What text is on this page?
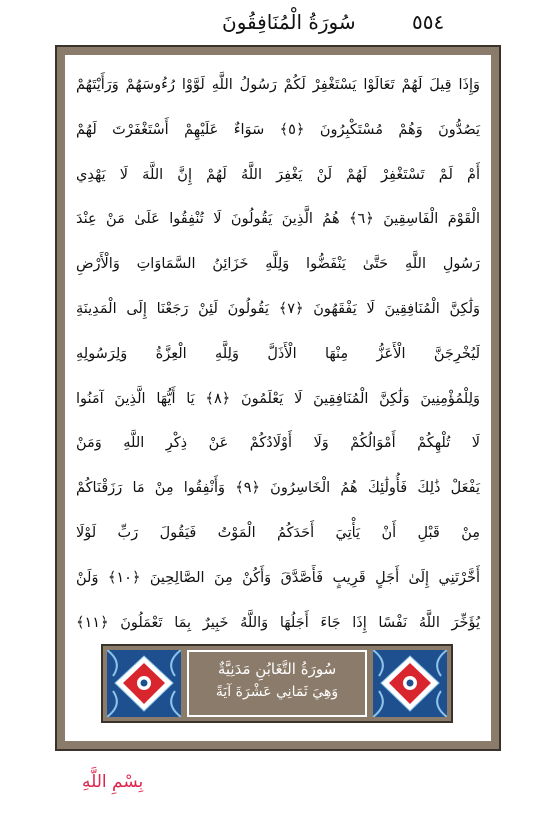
سُورَةُ الْمُنَافِقُونَ	٥٥٤
وَإِذَا قِيلَ لَهُمْ تَعَالَوْا يَسْتَغْفِرْ لَكُمْ رَسُولُ اللَّهِ لَوَّوْا رُءُوسَهُمْ وَرَأَيْتَهُمْ
يَصُدُّونَ وَهُمْ مُسْتَكْبِرُونَ ﴿٥﴾ سَوَاءٌ عَلَيْهِمْ أَسْتَغْفَرْتَ لَهُمْ
أَمْ لَمْ تَسْتَغْفِرْ لَهُمْ لَنْ يَغْفِرَ اللَّهُ لَهُمْ إِنَّ اللَّهَ لَا يَهْدِي
الْقَوْمَ الْفَاسِقِينَ ﴿٦﴾ هُمُ الَّذِينَ يَقُولُونَ لَا تُنْفِقُوا عَلَىٰ مَنْ عِنْدَ
رَسُولِ اللَّهِ حَتَّىٰ يَنْفَضُّوا وَلِلَّهِ خَزَائِنُ السَّمَاوَاتِ وَالْأَرْضِ
وَلَٰكِنَّ الْمُنَافِقِينَ لَا يَفْقَهُونَ ﴿٧﴾ يَقُولُونَ لَئِنْ رَجَعْنَا إِلَى الْمَدِينَةِ
لَيُخْرِجَنَّ الْأَعَزُّ مِنْهَا الْأَذَلَّ وَلِلَّهِ الْعِزَّةُ وَلِرَسُولِهِ
وَلِلْمُؤْمِنِينَ وَلَٰكِنَّ الْمُنَافِقِينَ لَا يَعْلَمُونَ ﴿٨﴾ يَا أَيُّهَا الَّذِينَ آمَنُوا
لَا تُلْهِكُمْ أَمْوَالُكُمْ وَلَا أَوْلَادُكُمْ عَنْ ذِكْرِ اللَّهِ وَمَنْ
يَفْعَلْ ذَٰلِكَ فَأُولَٰئِكَ هُمُ الْخَاسِرُونَ ﴿٩﴾ وَأَنْفِقُوا مِنْ مَا رَزَقْنَاكُمْ
مِنْ قَبْلِ أَنْ يَأْتِيَ أَحَدَكُمُ الْمَوْتُ فَيَقُولَ رَبِّ لَوْلَا
أَخَّرْتَنِي إِلَىٰ أَجَلٍ قَرِيبٍ فَأَصَّدَّقَ وَأَكُنْ مِنَ الصَّالِحِينَ ﴿١٠﴾ وَلَنْ
يُؤَخِّرَ اللَّهُ نَفْسًا إِذَا جَاءَ أَجَلُهَا وَاللَّهُ خَبِيرٌ بِمَا تَعْمَلُونَ ﴿١١﴾
سُورَةُ التَّغَابُنِ مَدَنِيَّةٌ
وَهِيَ ثَمَانِي عَشْرَةَ آيَةً
بِسْمِ اللَّهِ
